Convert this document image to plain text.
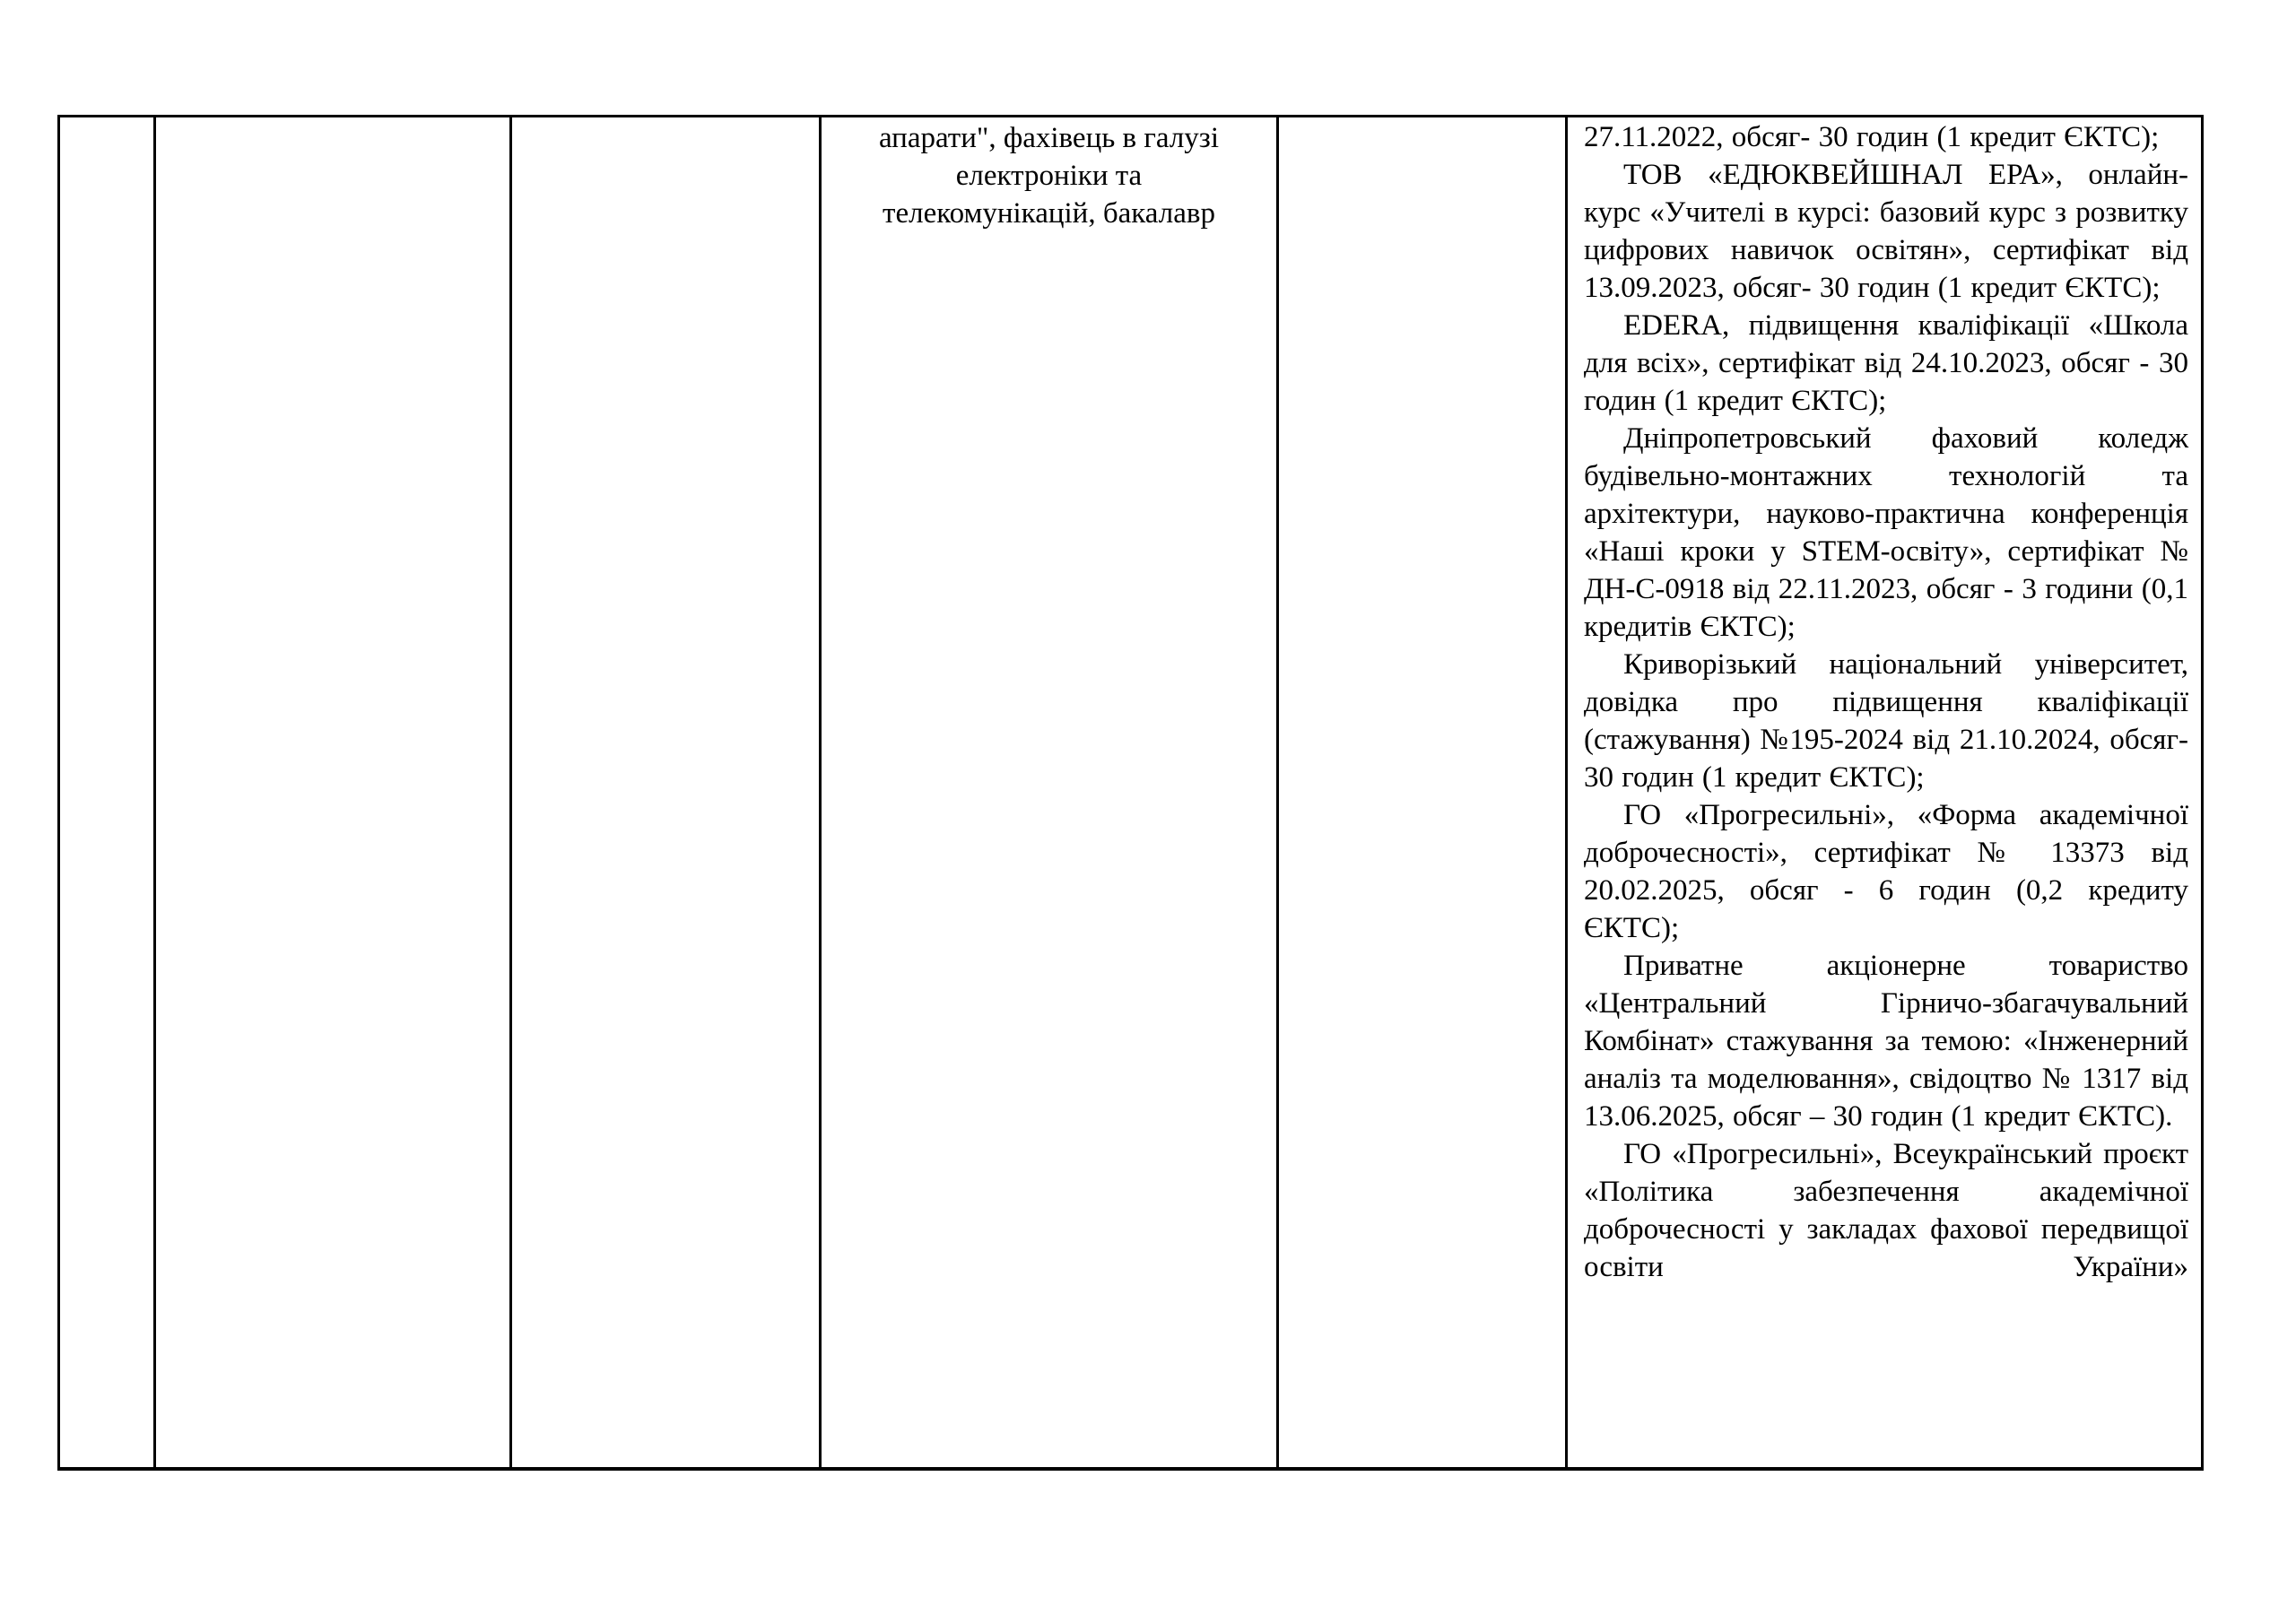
апарати", фахівець в галузі
електроніки та
телекомунікацій, бакалавр

27.11.2022, обсяг- 30 годин (1 кредит ЄКТС);

ТОВ «ЕДЮКВЕЙШНАЛ ЕРА», онлайн-курс «Учителі в курсі: базовий курс з розвитку цифрових навичок освітян», сертифікат від 13.09.2023, обсяг- 30 годин (1 кредит ЄКТС);

EDERA, підвищення кваліфікації «Школа для всіх», сертифікат від 24.10.2023, обсяг - 30 годин (1 кредит ЄКТС);

Дніпропетровський фаховий коледж будівельно-монтажних технологій та архітектури, науково-практична конференція «Наші кроки у STEM-освіту», сертифікат № ДН-С-0918 від 22.11.2023, обсяг - 3 години (0,1 кредитів ЄКТС);

Криворізький національний університет, довідка про підвищення кваліфікації (стажування) №195-2024 від 21.10.2024, обсяг- 30 годин (1 кредит ЄКТС);

ГО «Прогресильні», «Форма академічної доброчесності», сертифікат № 13373 від 20.02.2025, обсяг - 6 годин (0,2 кредиту ЄКТС);

Приватне акціонерне товариство «Центральний Гірничо-збагачувальний Комбінат» стажування за темою: «Інженерний аналіз та моделювання», свідоцтво № 1317 від 13.06.2025, обсяг – 30 годин (1 кредит ЄКТС).

ГО «Прогресильні», Всеукраїнський проєкт «Політика забезпечення академічної доброчесності у закладах фахової передвищої освіти України»
